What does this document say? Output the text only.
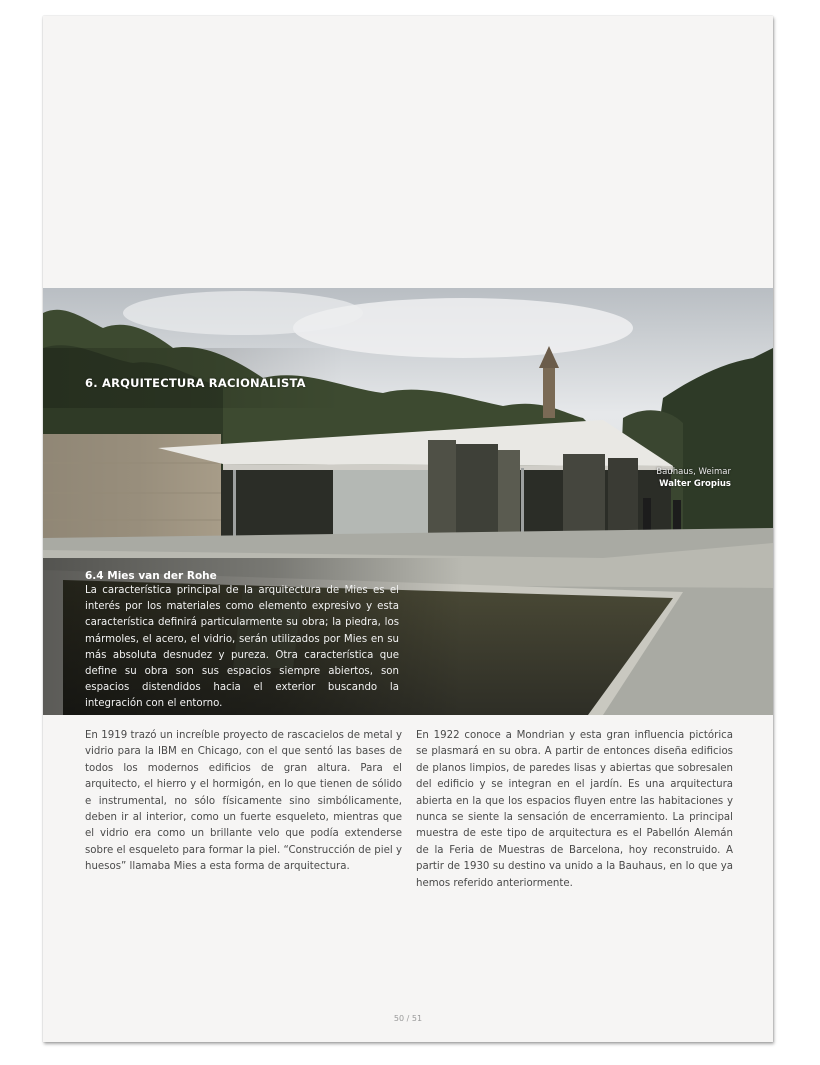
6. ARQUITECTURA RACIONALISTA
Bauhaus, Weimar
Walter Gropius
6.4 Mies van der Rohe

La característica principal de la arquitectura de Mies es el interés por los materiales como elemento expresivo y esta característica definirá particularmente su obra; la piedra, los mármoles, el acero, el vidrio, serán utilizados por Mies en su más absoluta desnudez y pureza. Otra característica que define su obra son sus espacios siempre abiertos, son espacios distendidos hacia el exterior buscando la integración con el entorno.

En 1919 trazó un increíble proyecto de rascacielos de metal y vidrio para la IBM en Chicago, con el que sentó las bases de todos los modernos edificios de gran altura. Para el arquitecto, el hierro y el hormigón, en lo que tienen de sólido e instrumental, no sólo físicamente sino simbólicamente, deben ir al interior, como un fuerte esqueleto, mientras que el vidrio era como un brillante velo que podía extenderse sobre el esqueleto para formar la piel. “Construcción de piel y huesos” llamaba Mies a esta forma de arquitectura.

En 1922 conoce a Mondrian y esta gran influencia pictórica se plasmará en su obra. A partir de entonces diseña edificios de planos limpios, de paredes lisas y abiertas que sobresalen del edificio y se integran en el jardín. Es una arquitectura abierta en la que los espacios fluyen entre las habitaciones y nunca se siente la sensación de encerramiento. La principal muestra de este tipo de arquitectura es el Pabellón Alemán de la Feria de Muestras de Barcelona, hoy reconstruido. A partir de 1930 su destino va unido a la Bauhaus, en lo que ya hemos referido anteriormente.

50 / 51
